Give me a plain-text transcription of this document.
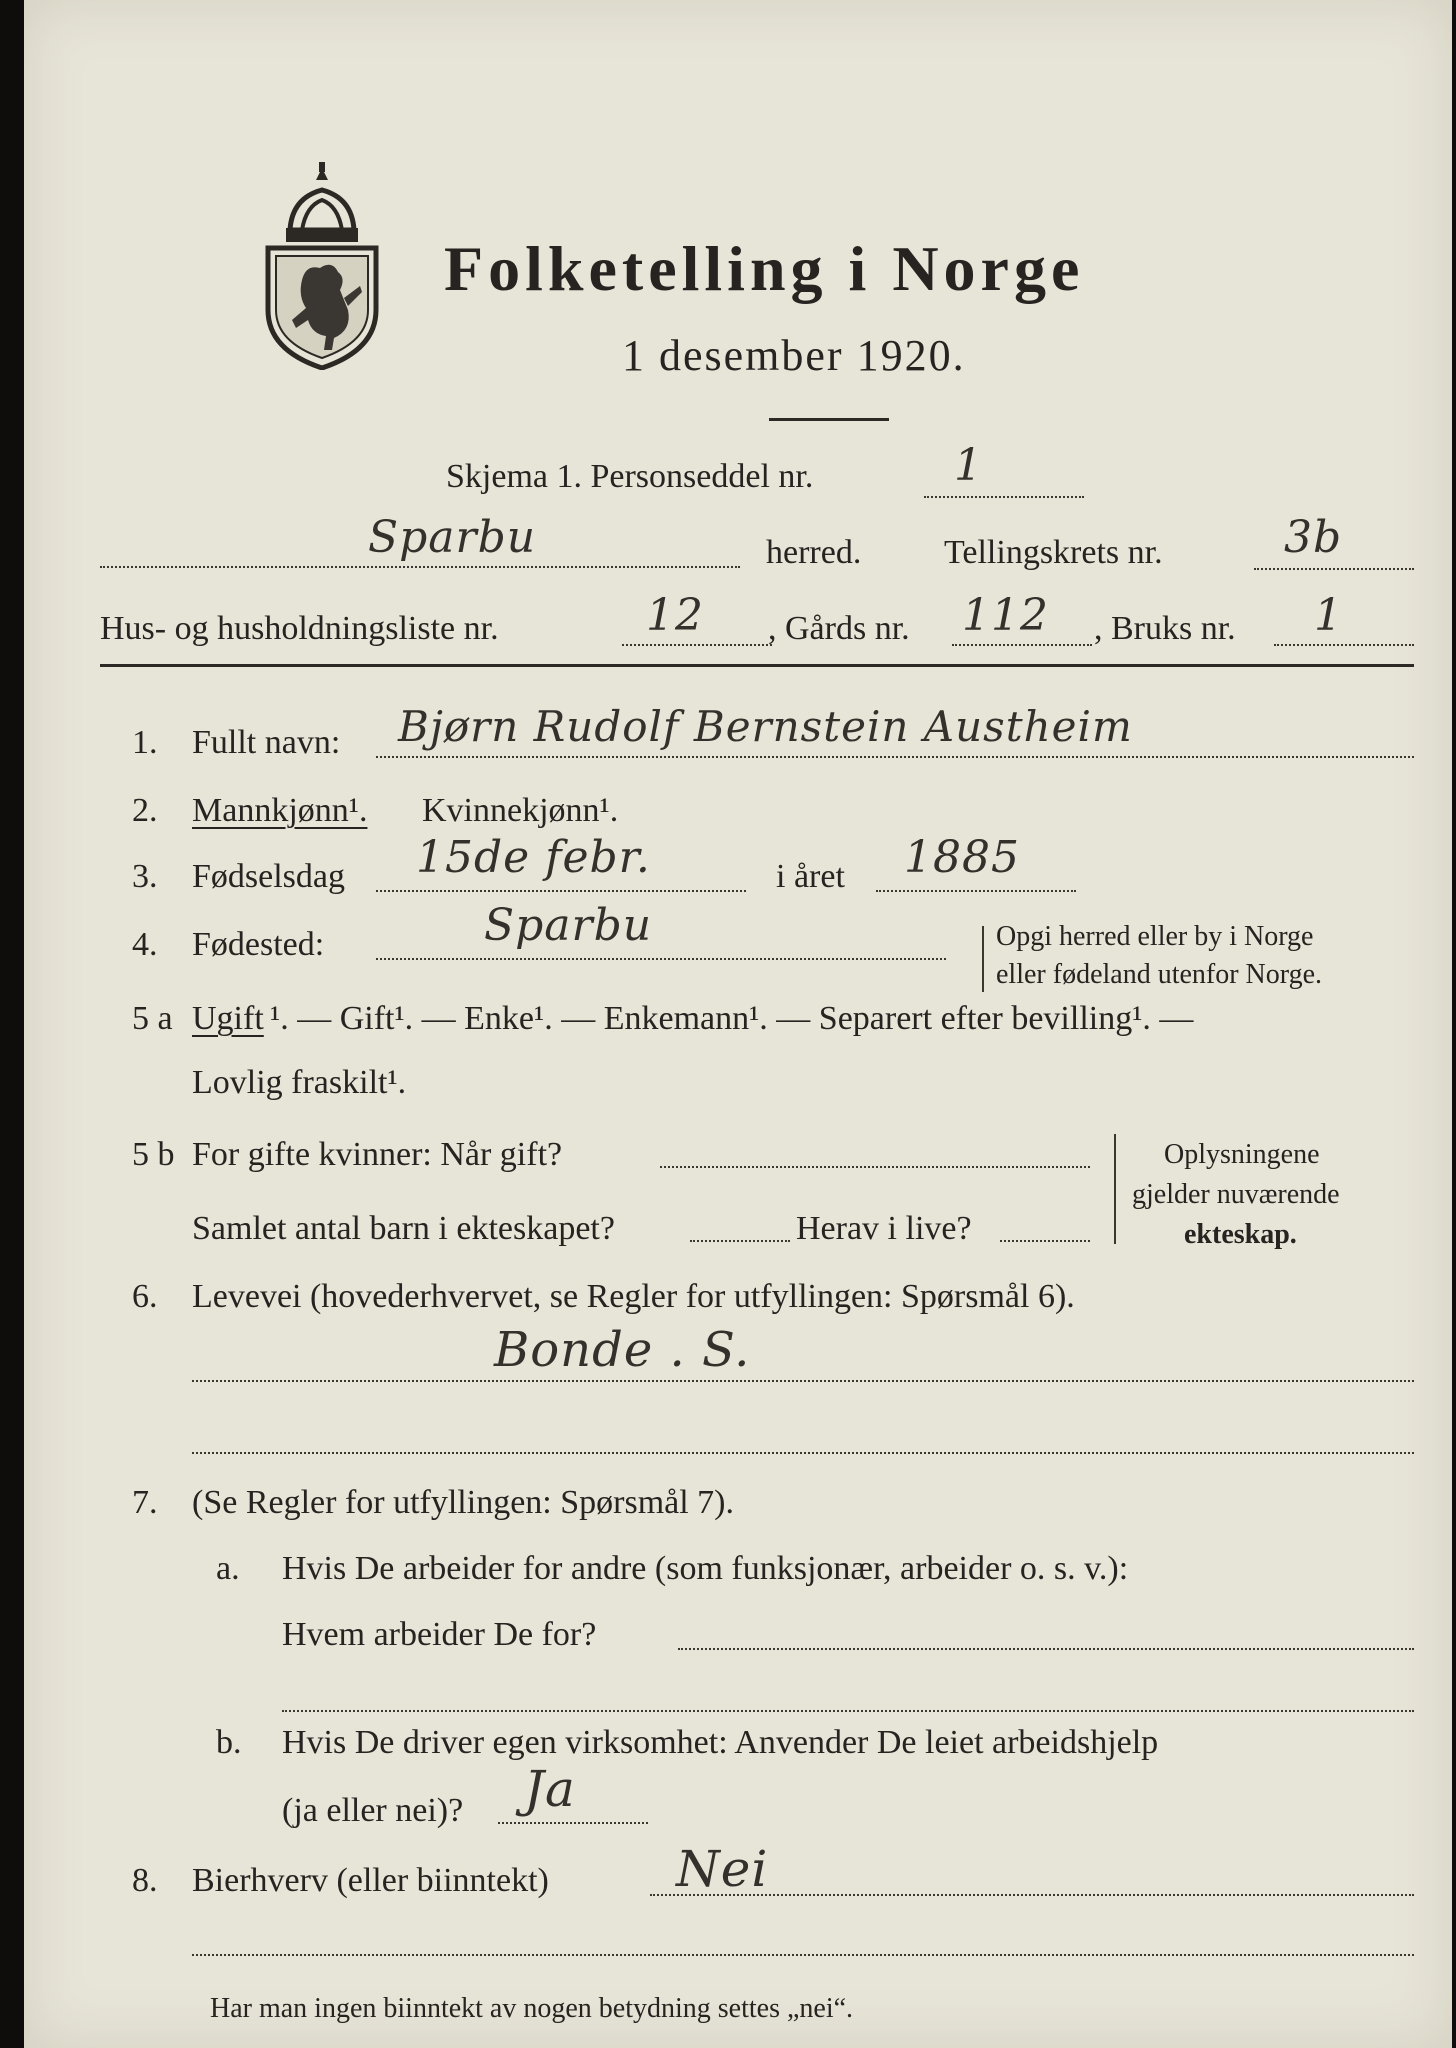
Folketelling i Norge
1 desember 1920.
Skjema 1. Personseddel nr.	1
Sparbu	herred. Tellingskrets nr.	3b
Hus- og husholdningsliste nr.	12 , Gårds nr. 112 , Bruks nr. 1
1. Fullt navn: Bjørn Rudolf Bernstein Austheim
2. Mannkjønn¹. Kvinnekjønn¹.
3. Fødselsdag 15de febr.	i året 1885
4. Fødested:	Sparbu	Opgi herred eller by i Norge
eller fødeland utenfor Norge.
5 a Ugift ¹. — Gift¹. — Enke¹. — Enkemann¹. — Separert efter bevilling¹. —
Lovlig fraskilt¹.
5 b For gifte kvinner: Når gift?
Samlet antal barn i ekteskapet?	Herav i live?
Oplysningene
gjelder nuværende
ekteskap.
6. Levevei (hovederhvervet, se Regler for utfyllingen: Spørsmål 6).
Bonde . S.
7. (Se Regler for utfyllingen: Spørsmål 7).
a. Hvis De arbeider for andre (som funksjonær, arbeider o. s. v.):
Hvem arbeider De for?
b. Hvis De driver egen virksomhet: Anvender De leiet arbeidshjelp
(ja eller nei)? Ja
8. Bierhverv (eller biinntekt)	Nei
Har man ingen biinntekt av nogen betydning settes „nei“.
